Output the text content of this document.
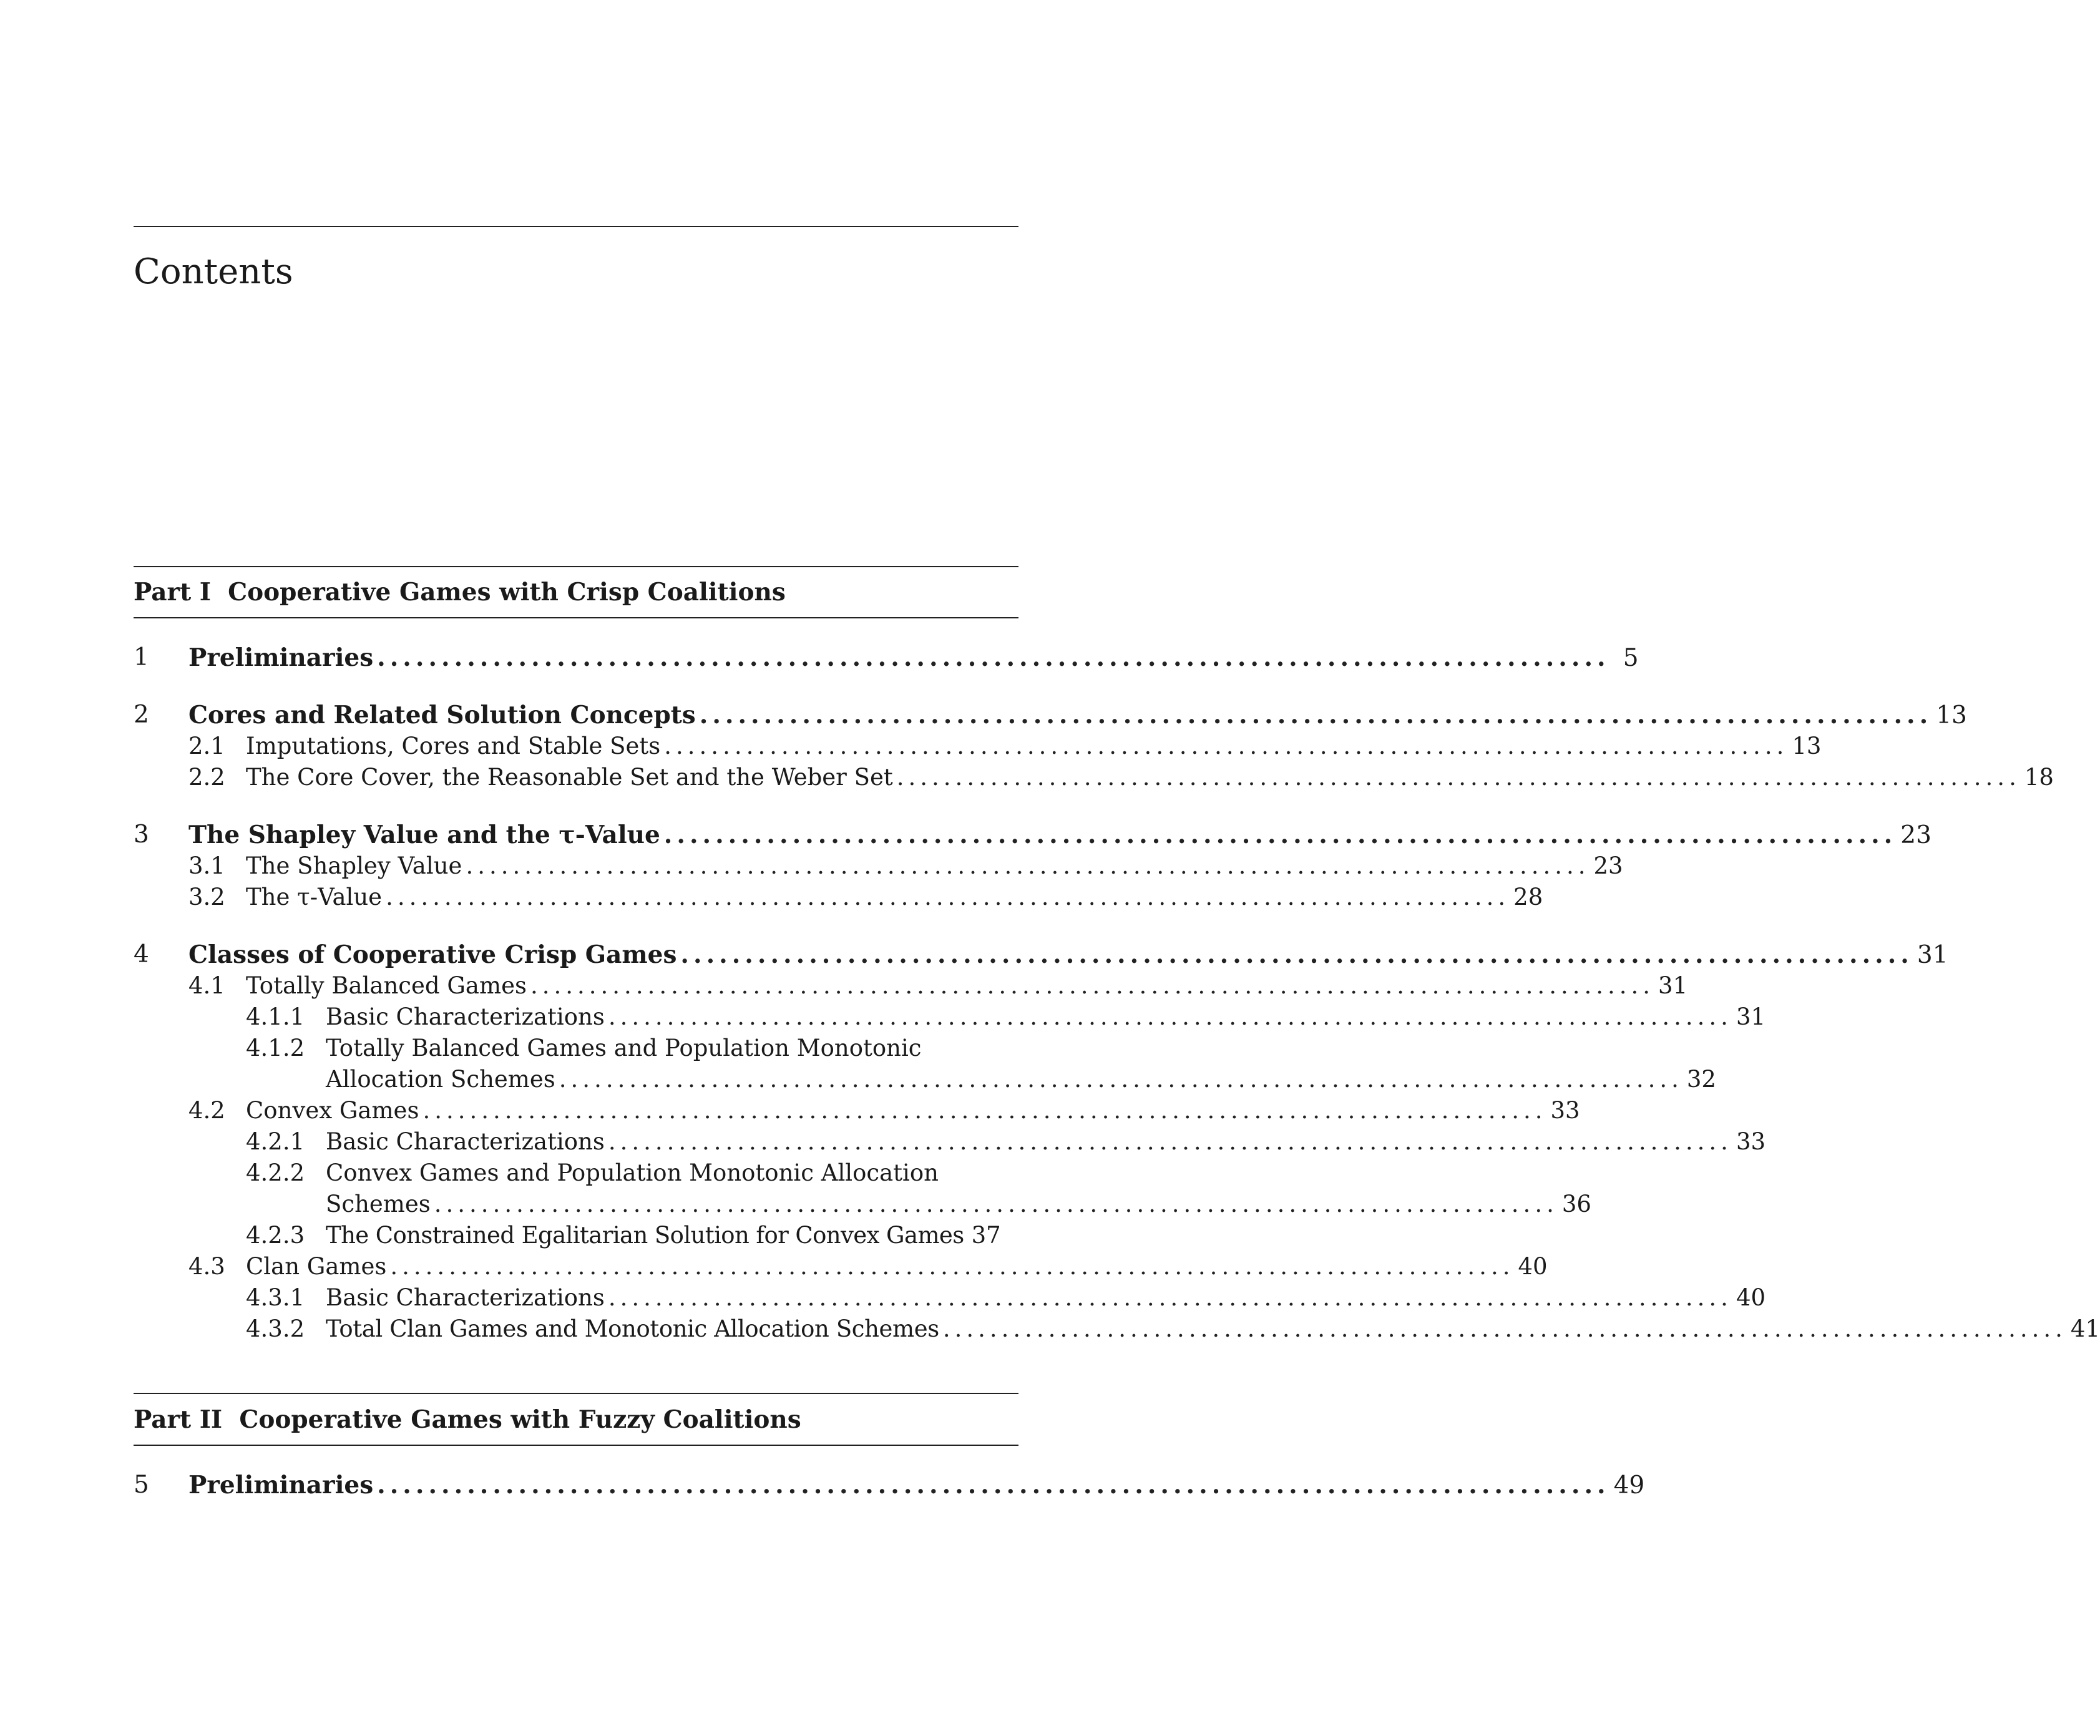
Contents
Part I Cooperative Games with Crisp Coalitions
1 Preliminaries ................................................................................................ 5
2 Cores and Related Solution Concepts ................................................................................................ 13
2.1 Imputations, Cores and Stable Sets ................................................................................................ 13
2.2 The Core Cover, the Reasonable Set and the Weber Set ................................................................................................ 18
3 The Shapley Value and the τ-Value ................................................................................................ 23
3.1 The Shapley Value ................................................................................................ 23
3.2 The τ-Value ................................................................................................ 28
4 Classes of Cooperative Crisp Games ................................................................................................ 31
4.1 Totally Balanced Games ................................................................................................ 31
4.1.1 Basic Characterizations ................................................................................................ 31
4.1.2 Totally Balanced Games and Population Monotonic
Allocation Schemes ................................................................................................ 32
4.2 Convex Games ................................................................................................ 33
4.2.1 Basic Characterizations ................................................................................................ 33
4.2.2 Convex Games and Population Monotonic Allocation
Schemes ................................................................................................ 36
4.2.3 The Constrained Egalitarian Solution for Convex Games 37
4.3 Clan Games ................................................................................................ 40
4.3.1 Basic Characterizations ................................................................................................ 40
4.3.2 Total Clan Games and Monotonic Allocation Schemes ................................................................................................ 41
Part II Cooperative Games with Fuzzy Coalitions
5 Preliminaries ................................................................................................ 49
